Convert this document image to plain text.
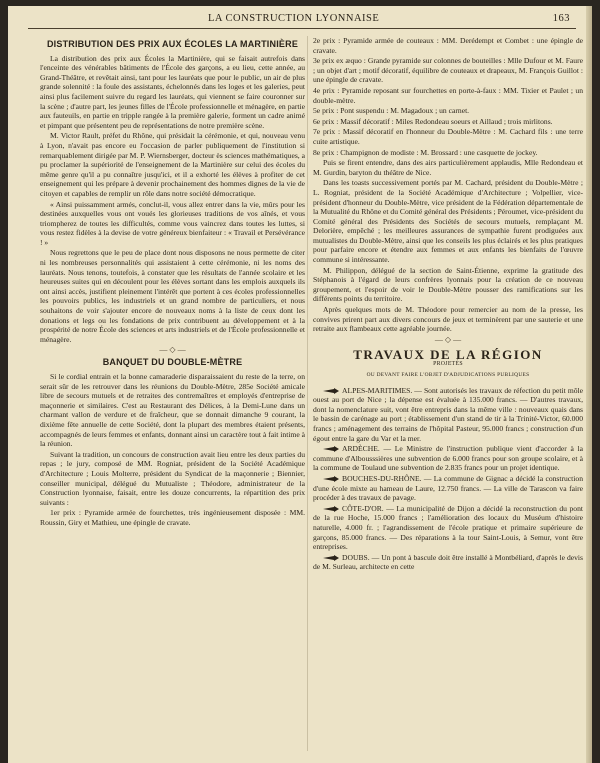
LA CONSTRUCTION LYONNAISE	163
DISTRIBUTION DES PRIX AUX ÉCOLES LA MARTINIÈRE

La distribution des prix aux Écoles la Martinière, qui se faisait autrefois dans l'enceinte des vénérables bâtiments de l'École des garçons, a eu lieu, cette année, au Grand-Théâtre, et revêtait ainsi, tant pour les lauréats que pour le public, un air de plus grande solennité : la foule des assistants, échelonnés dans les loges et les galeries, peut ainsi plus facilement suivre du regard les lauréats, qui viennent se faire couronner sur la scène ; d'autre part, les jeunes filles de l'École professionnelle et ménagère, en partie aux fauteuils, en partie en tripple rangée à la première galerie, forment un cadre animé et pimpant que présentent peu de représentations de notre première scène.

M. Victor Rault, préfet du Rhône, qui présidait la cérémonie, et qui, nouveau venu à Lyon, n'avait pas encore eu l'occasion de parler publiquement de l'institution si remarquablement dirigée par M. P. Wiernsberger, docteur ès sciences mathématiques, a pu proclamer la supériorité de l'enseignement de la Martinière sur celui des écoles du même genre qu'il a pu connaître jusqu'ici, et il a exhorté les élèves à profiter de cet enseignement qui les prépare à devenir prochainement des hommes dignes de la vie de citoyen et capables de remplir un rôle dans notre société démocratique.

« Ainsi puissamment armés, conclut-il, vous allez entrer dans la vie, mûrs pour les destinées auxquelles vous ont voués les glorieuses traditions de vos aînés, et vous triompherez de toutes les difficultés, comme vous vaincrez dans toutes les luttes, si vous restez fidèles à la devise de votre généreux bienfaiteur : « Travail et Persévérance ! »

Nous regrettons que le peu de place dont nous disposons ne nous permette de citer ni les nombreuses personnalités qui assistaient à cette cérémonie, ni les noms des lauréats. Nous tenons, toutefois, à constater que les résultats de l'année scolaire et les heureuses suites qui en découlent pour les élèves sortant dans les emplois auxquels ils ont ainsi accès, justifient pleinement l'intérêt que portent à ces écoles professionnelles les pouvoirs publics, les industriels et un grand nombre de particuliers, et nous souhaitons de voir s'ajouter encore de nouveaux noms à la liste de ceux dont les donations et legs ou les fondations de prix contribuent au développement et à la prospérité de notre École des sciences et arts industriels et de l'École professionnelle et ménagère.

— ◇ —
BANQUET DU DOUBLE-MÈTRE

Si le cordial entrain et la bonne camaraderie disparaissaient du reste de la terre, on serait sûr de les retrouver dans les réunions du Double-Mètre, 285e Société amicale libre de secours mutuels et de retraites des contremaîtres et employés d'entreprise de maçonnerie et similaires. C'est au Restaurant des Délices, à la Demi-Lune dans un charmant vallon de verdure et de fraîcheur, que se donnait dimanche 9 courant, la dixième fête annuelle de cette Société, dont la plupart des membres étaient présents, accompagnés de leurs femmes et enfants, donnant ainsi un caractère tout à fait intime à la réunion.

Suivant la tradition, un concours de construction avait lieu entre les deux parties du repas ; le jury, composé de MM. Rogniat, président de la Société Académique d'Architecture ; Louis Molterre, président du Syndicat de la maçonnerie ; Biennier, conseiller municipal, délégué du Mutualiste ; Théodore, administrateur de la Construction lyonnaise, faisait, entre les douze concurrents, la répartition des prix suivants :

1er prix : Pyramide armée de fourchettes, très ingénieusement disposée : MM. Roussin, Giry et Mathieu, une épingle de cravate.

2e prix : Pyramide armée de couteaux : MM. Derédempt et Combet : une épingle de cravate.

3e prix ex æquo : Grande pyramide sur colonnes de bouteilles : Mlle Dufour et M. Faure ; un objet d'art ; motif décoratif, équilibre de couteaux et drapeaux, M. François Guillot : une épingle de cravate.

4e prix : Pyramide reposant sur fourchettes en porte-à-faux : MM. Tixier et Paulet ; un double-mètre.

5e prix : Pont suspendu : M. Magadoux ; un carnet.

6e prix : Massif décoratif : Miles Redondeau soeurs et Aillaud ; trois mirlitons.

7e prix : Massif décoratif en l'honneur du Double-Mètre : M. Cachard fils : une terre cuite artistique.

8e prix : Champignon de modiste : M. Brossard : une casquette de jockey.

Puis se firent entendre, dans des airs particulièrement applaudis, Mlle Redondeau et M. Gurdin, baryton du théâtre de Nice.

Dans les toasts successivement portés par M. Cachard, président du Double-Mètre ; L. Rogniat, président de la Société Académique d'Architecture ; Volpellier, vice-président d'honneur du Double-Mètre, vice président de la Fédération départementale de la Mutualité du Rhône et du Comité général des Présidents ; Péroumet, vice-président du Comité général des Présidents des Sociétés de secours mutuels, remplaçant M. Delorière, empêché ; les meilleures assurances de sympathie furent prodiguées aux mutualistes du Double-Mètre, ainsi que les conseils les plus éclairés et les plus pratiques pour parfaire encore et étendre aux femmes et aux enfants les bienfaits de l'œuvre commune si intéressante.

M. Philippon, délégué de la section de Saint-Étienne, exprime la gratitude des Stéphanois à l'égard de leurs confrères lyonnais pour la création de ce nouveau groupement, et l'espoir de voir le Double-Mètre pousser des ramifications sur les différents points du territoire.

Après quelques mots de M. Théodore pour remercier au nom de la presse, les convives prirent part aux divers concours de jeux et terminèrent par une sauterie et une retraite aux flambeaux cette agréable journée.

— ◇ —
TRAVAUX DE LA RÉGION
PROJETÉS
OU DEVANT FAIRE L'OBJET D'ADJUDICATIONS PUBLIQUES

ALPES-MARITIMES. — Sont autorisés les travaux de réfection du petit môle ouest au port de Nice ; la dépense est évaluée à 135.000 francs. — D'autres travaux, dont la nomenclature suit, vont être entrepris dans la même ville : nouveaux quais dans le bassin de carénage au port ; établissement d'un stand de tir à la Trinité-Victor, 60.000 francs ; aménagement des terrains de l'hôpital Pasteur, 95.000 francs ; construction d'un égout entre la gare du Var et la mer.

ARDÈCHE. — Le Ministre de l'instruction publique vient d'accorder à la commune d'Albousssières une subvention de 6.000 francs pour son groupe scolaire, et à la commune de Toulaud une subvention de 2.835 francs pour un projet identique.

BOUCHES-DU-RHÔNE. — La commune de Gignac a décidé la construction d'une école mixte au hameau de Laure, 12.750 francs. — La ville de Tarascon va faire procéder à des travaux de pavage.

CÔTE-D'OR. — La municipalité de Dijon a décidé la reconstruction du pont de la rue Hoche, 15.000 francs ; l'amélioration des locaux du Muséum d'histoire naturelle, 4.000 fr. ; l'agrandissement de l'école pratique et primaire supérieure de garçons, 85.000 francs. — Des réparations à la tour Saint-Louis, à Semur, vont être entreprises.

DOUBS. — Un pont à bascule doit être installé à Montbéliard, d'après le devis de M. Surleau, architecte en cette
